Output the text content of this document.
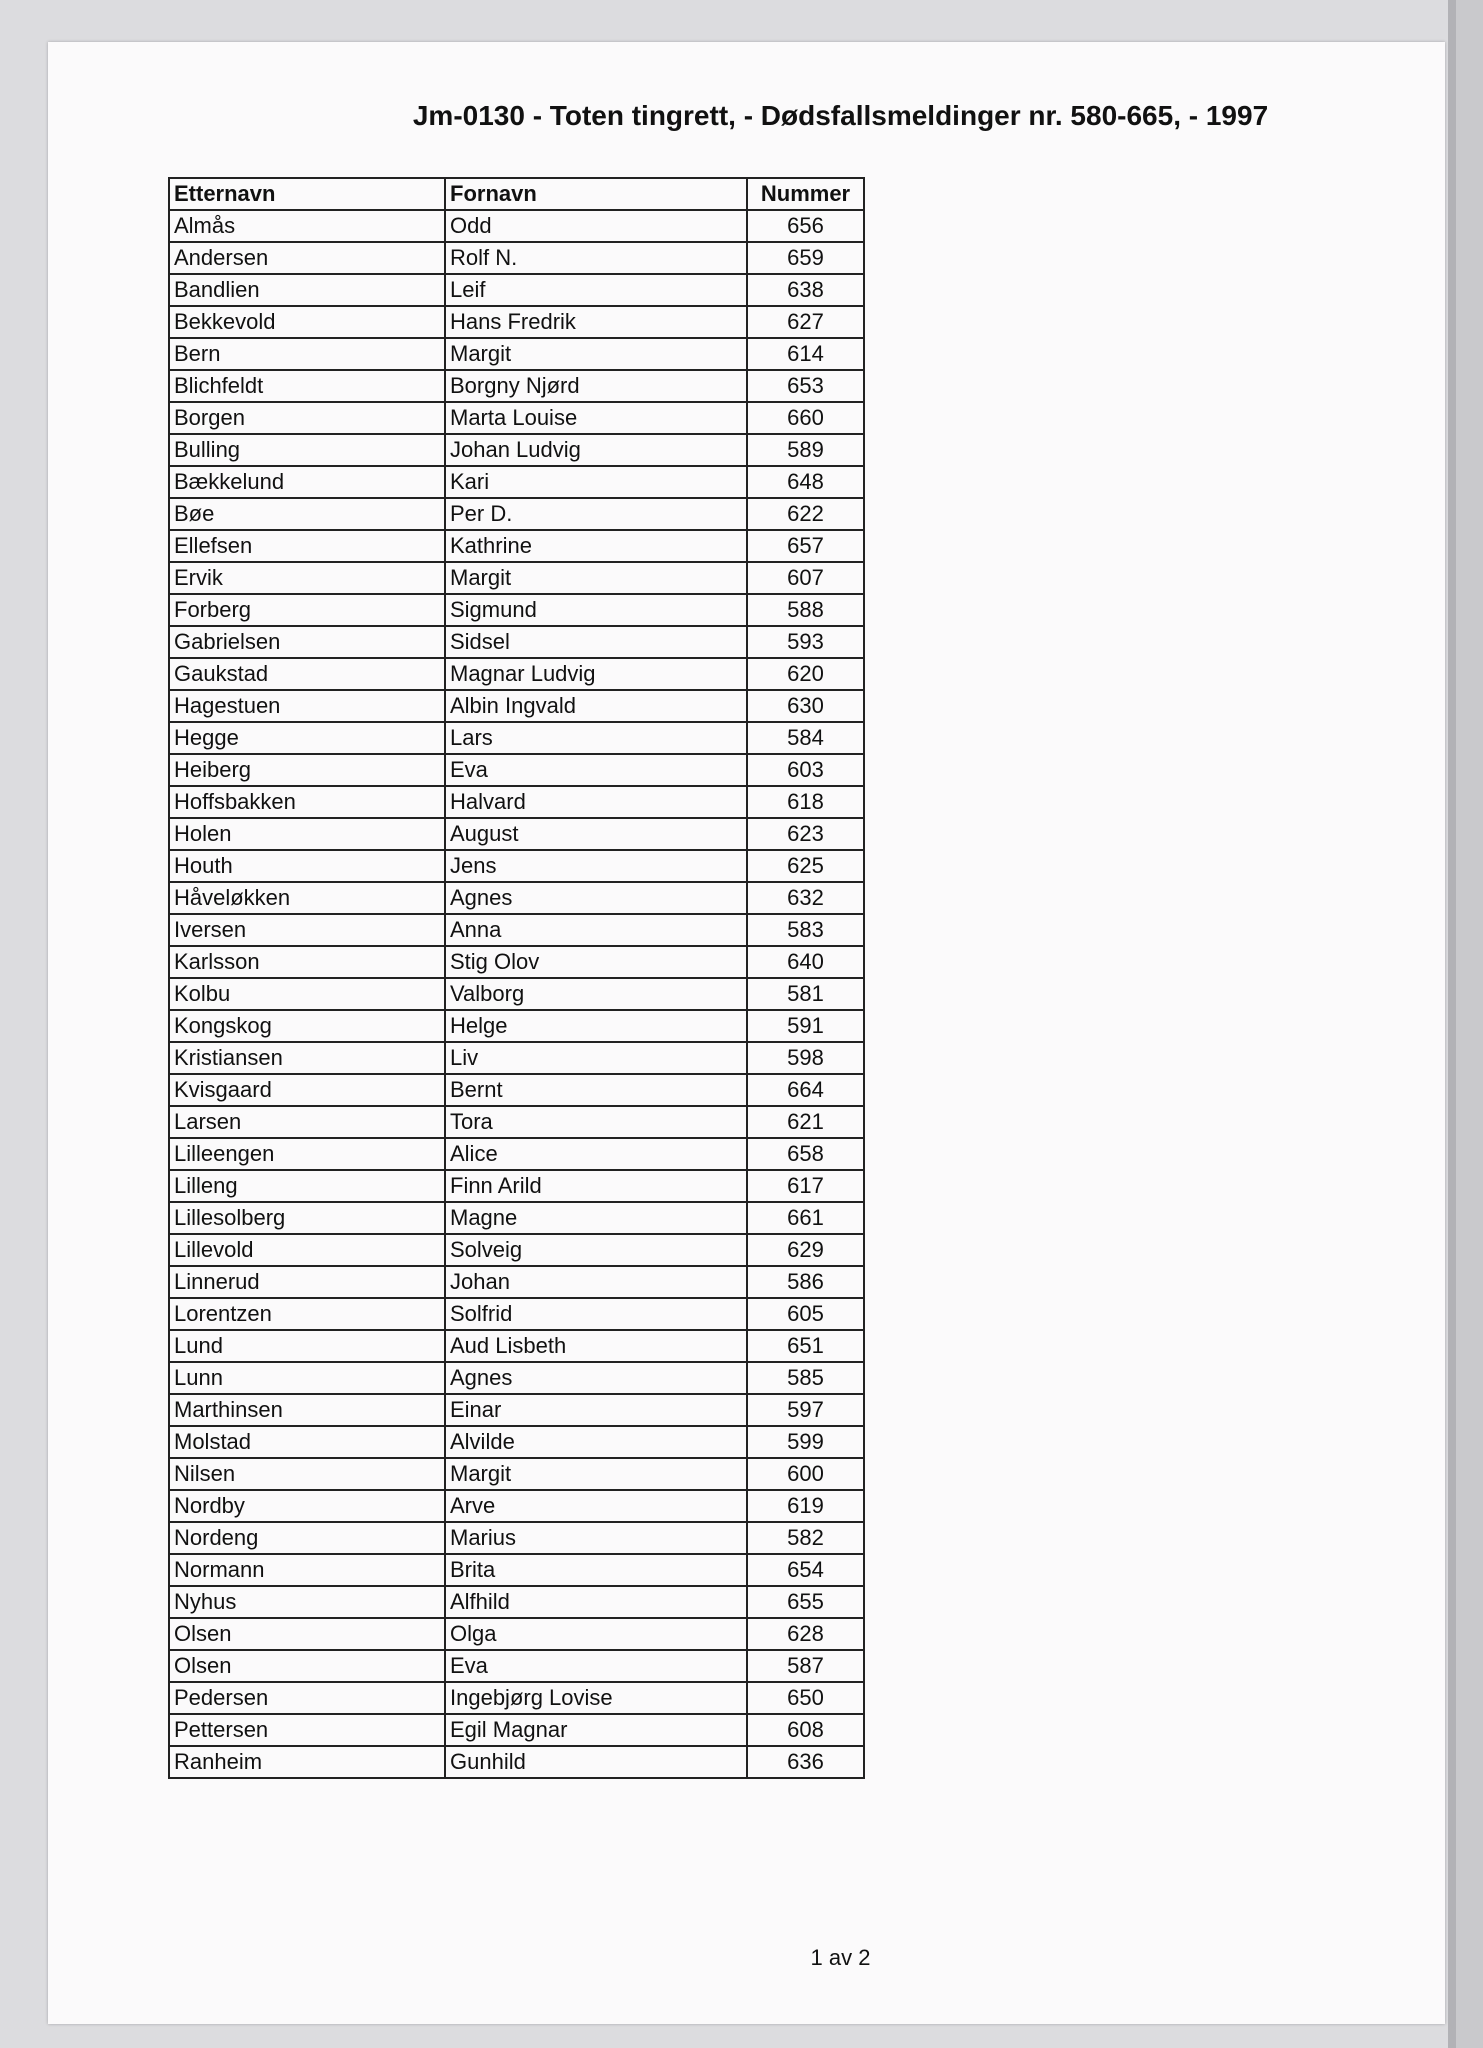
Jm-0130 - Toten tingrett, - Dødsfallsmeldinger nr. 580-665, - 1997
Etternavn	Fornavn	Nummer
Almås	Odd	656
Andersen	Rolf N.	659
Bandlien	Leif	638
Bekkevold	Hans Fredrik	627
Bern	Margit	614
Blichfeldt	Borgny Njørd	653
Borgen	Marta Louise	660
Bulling	Johan Ludvig	589
Bækkelund	Kari	648
Bøe	Per D.	622
Ellefsen	Kathrine	657
Ervik	Margit	607
Forberg	Sigmund	588
Gabrielsen	Sidsel	593
Gaukstad	Magnar Ludvig	620
Hagestuen	Albin Ingvald	630
Hegge	Lars	584
Heiberg	Eva	603
Hoffsbakken	Halvard	618
Holen	August	623
Houth	Jens	625
Håveløkken	Agnes	632
Iversen	Anna	583
Karlsson	Stig Olov	640
Kolbu	Valborg	581
Kongskog	Helge	591
Kristiansen	Liv	598
Kvisgaard	Bernt	664
Larsen	Tora	621
Lilleengen	Alice	658
Lilleng	Finn Arild	617
Lillesolberg	Magne	661
Lillevold	Solveig	629
Linnerud	Johan	586
Lorentzen	Solfrid	605
Lund	Aud Lisbeth	651
Lunn	Agnes	585
Marthinsen	Einar	597
Molstad	Alvilde	599
Nilsen	Margit	600
Nordby	Arve	619
Nordeng	Marius	582
Normann	Brita	654
Nyhus	Alfhild	655
Olsen	Olga	628
Olsen	Eva	587
Pedersen	Ingebjørg Lovise	650
Pettersen	Egil Magnar	608
Ranheim	Gunhild	636
1 av 2
